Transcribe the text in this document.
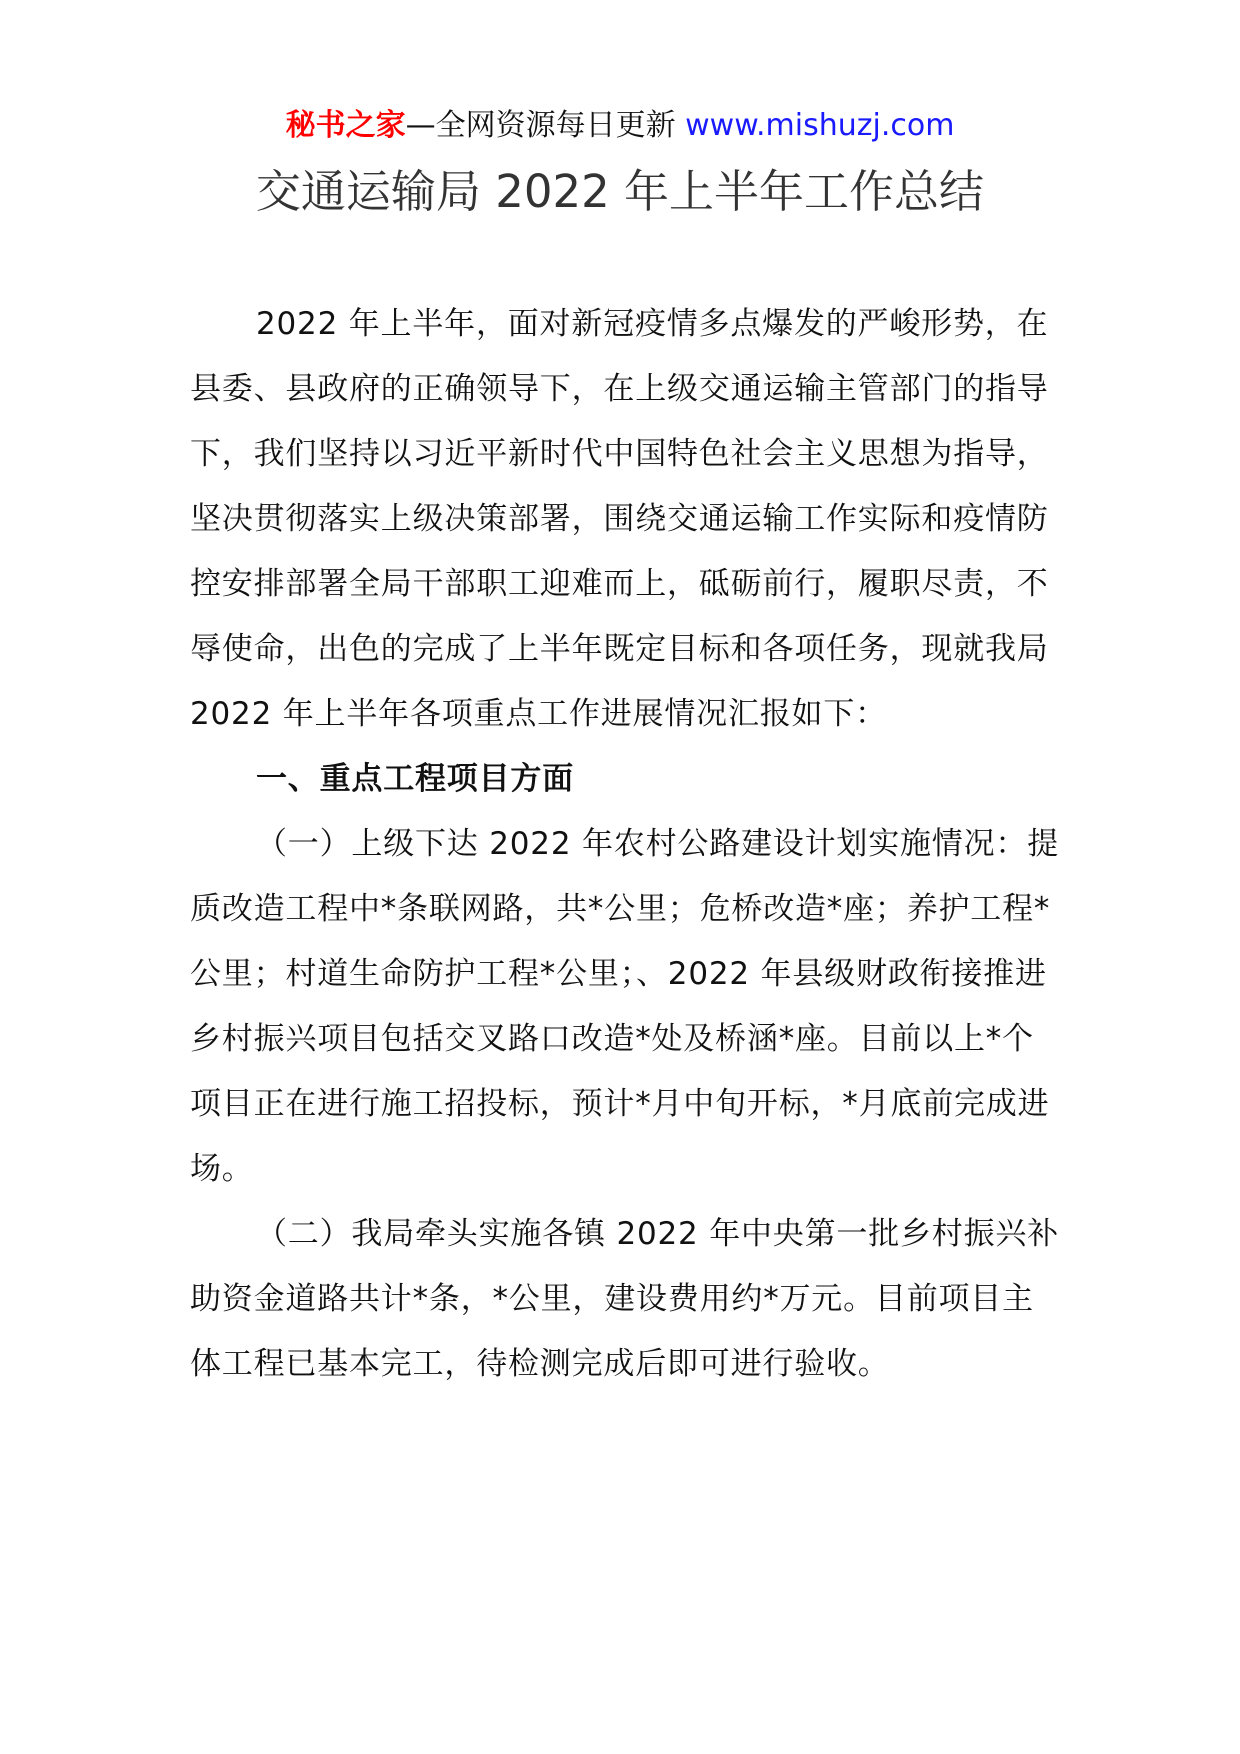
秘书之家—全网资源每日更新 www.mishuzj.com
交通运输局 2022 年上半年工作总结

2022 年上半年，面对新冠疫情多点爆发的严峻形势，在县委、县政府的正确领导下，在上级交通运输主管部门的指导下，我们坚持以习近平新时代中国特色社会主义思想为指导，坚决贯彻落实上级决策部署，围绕交通运输工作实际和疫情防控安排部署全局干部职工迎难而上，砥砺前行，履职尽责，不辱使命，出色的完成了上半年既定目标和各项任务，现就我局 2022 年上半年各项重点工作进展情况汇报如下：

一、重点工程项目方面

（一）上级下达 2022 年农村公路建设计划实施情况：提质改造工程中*条联网路，共*公里；危桥改造*座；养护工程*公里；村道生命防护工程*公里；、2022 年县级财政衔接推进乡村振兴项目包括交叉路口改造*处及桥涵*座。目前以上*个项目正在进行施工招投标，预计*月中旬开标，*月底前完成进场。

（二）我局牵头实施各镇 2022 年中央第一批乡村振兴补助资金道路共计*条，*公里，建设费用约*万元。目前项目主体工程已基本完工，待检测完成后即可进行验收。
